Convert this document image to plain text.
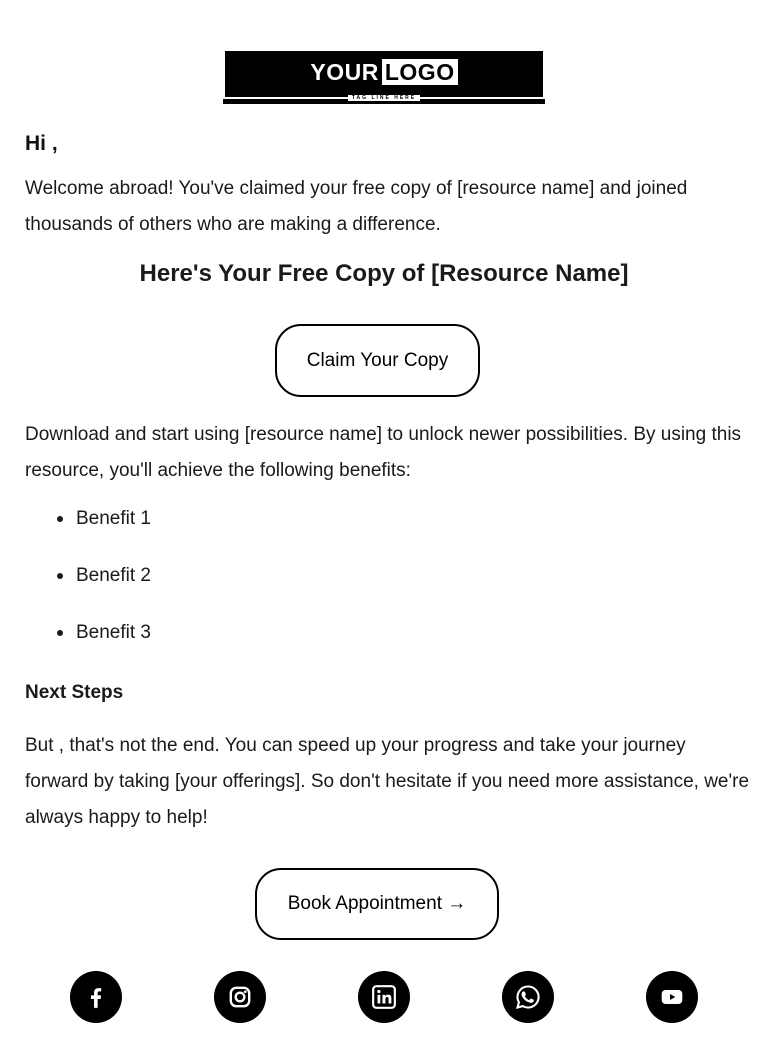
YOUR LOGO
TAG LINE HERE
Hi ,

Welcome abroad! You've claimed your free copy of [resource name] and joined thousands of others who are making a difference.

Here's Your Free Copy of [Resource Name]
Claim Your Copy

Download and start using [resource name] to unlock newer possibilities. By using this resource, you'll achieve the following benefits:

Benefit 1
Benefit 2
Benefit 3
Next Steps

But , that's not the end. You can speed up your progress and take your journey forward by taking [your offerings]. So don't hesitate if you need more assistance, we're always happy to help!

Book Appointment →
